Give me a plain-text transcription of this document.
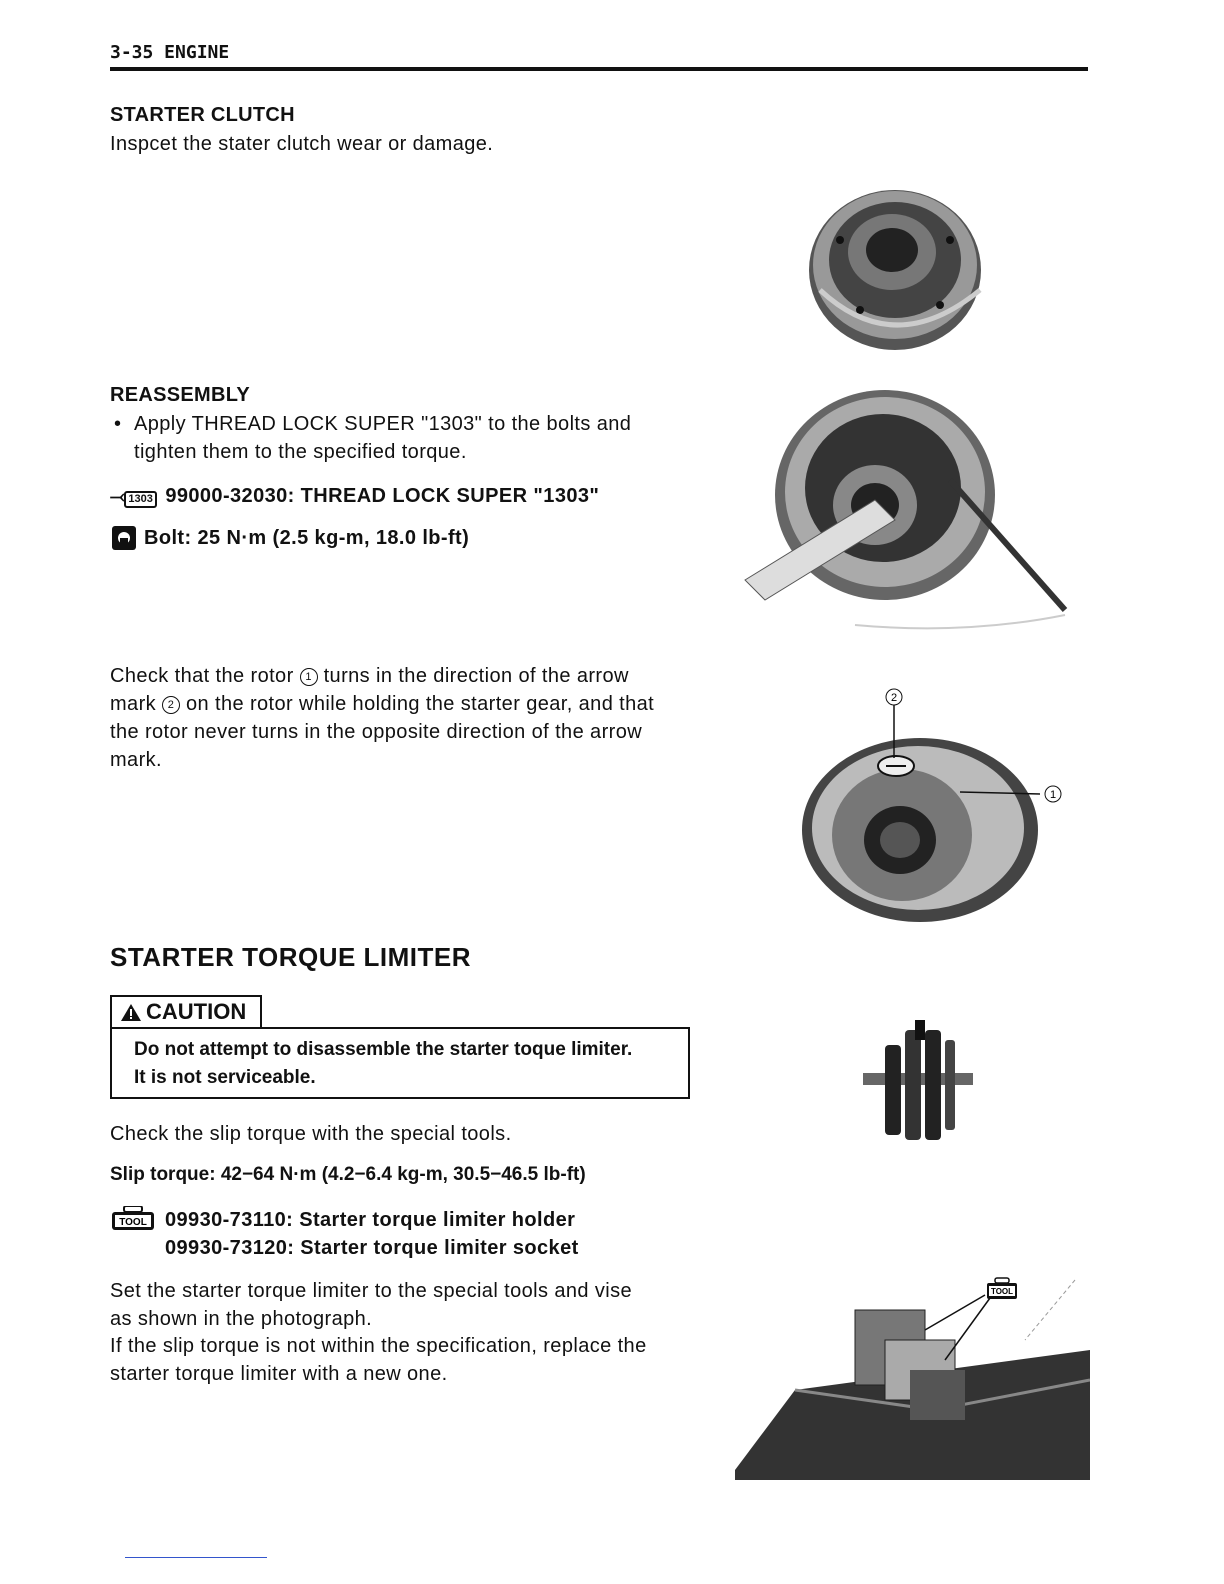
3-35 ENGINE
STARTER CLUTCH
Inspcet the stater clutch wear or damage.
REASSEMBLY
• Apply THREAD LOCK SUPER "1303" to the bolts and
tighten them to the specified torque.
⤙ 1303 99000-32030: THREAD LOCK SUPER "1303"
Bolt: 25 N·m (2.5 kg-m, 18.0 lb-ft)
Check that the rotor 1 turns in the direction of the arrow
mark 2 on the rotor while holding the starter gear, and that
the rotor never turns in the opposite direction of the arrow
mark.
2
1
STARTER TORQUE LIMITER
CAUTION
Do not attempt to disassemble the starter toque limiter.
It is not serviceable.
Check the slip torque with the special tools.
Slip torque: 42−64 N·m (4.2−6.4 kg-m, 30.5−46.5 lb-ft)
TOOL 09930-73110: Starter torque limiter holder
09930-73120: Starter torque limiter socket
Set the starter torque limiter to the special tools and vise
as shown in the photograph.
If the slip torque is not within the specification, replace the
starter torque limiter with a new one.
TOOL
